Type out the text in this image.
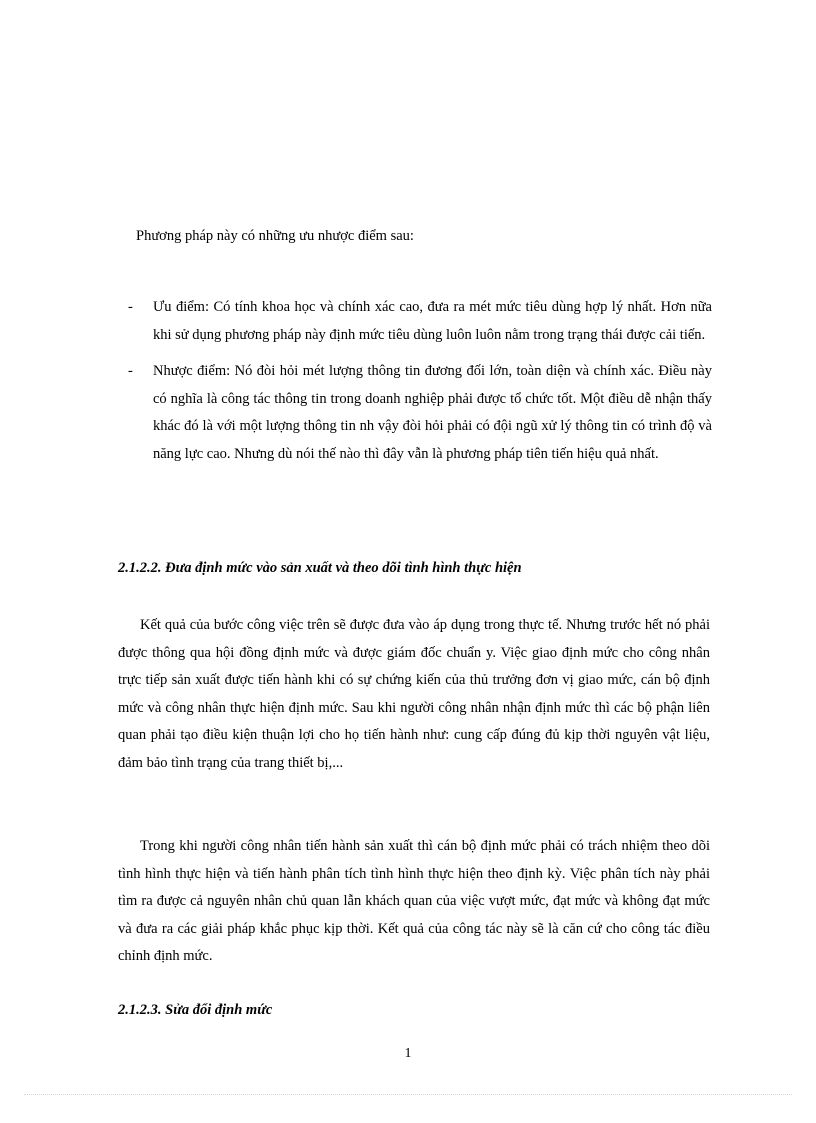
Phương pháp này có những ưu nhược điểm sau:
- Ưu điểm: Có tính khoa học và chính xác cao, đưa ra mét mức tiêu dùng hợp lý nhất. Hơn nữa khi sử dụng phương pháp này định mức tiêu dùng luôn luôn nằm trong trạng thái được cải tiến.
- Nhược điểm: Nó đòi hỏi mét lượng thông tin đương đối lớn, toàn diện và chính xác. Điều này có nghĩa là công tác thông tin trong doanh nghiệp phải được tổ chức tốt. Một điều dễ nhận thấy khác đó là với một lượng thông tin nh vậy đòi hỏi phải có đội ngũ xử lý thông tin có trình độ và năng lực cao. Nhưng dù nói thế nào thì đây vẫn là phương pháp tiên tiến hiệu quả nhất.
2.1.2.2. Đưa định mức vào sản xuất và theo dõi tình hình thực hiện

Kết quả của bước công việc trên sẽ được đưa vào áp dụng trong thực tế. Nhưng trước hết nó phải được thông qua hội đồng định mức và được giám đốc chuẩn y. Việc giao định mức cho công nhân trực tiếp sản xuất được tiến hành khi có sự chứng kiến của thủ trưởng đơn vị giao mức, cán bộ định mức và công nhân thực hiện định mức. Sau khi người công nhân nhận định mức thì các bộ phận liên quan phải tạo điều kiện thuận lợi cho họ tiến hành như: cung cấp đúng đủ kịp thời nguyên vật liệu, đảm bảo tình trạng của trang thiết bị,...

Trong khi người công nhân tiến hành sản xuất thì cán bộ định mức phải có trách nhiệm theo dõi tình hình thực hiện và tiến hành phân tích tình hình thực hiện theo định kỳ. Việc phân tích này phải tìm ra được cả nguyên nhân chủ quan lẫn khách quan của việc vượt mức, đạt mức và không đạt mức và đưa ra các giải pháp khắc phục kịp thời. Kết quả của công tác này sẽ là căn cứ cho công tác điều chỉnh định mức.

2.1.2.3. Sửa đổi định mức
1
